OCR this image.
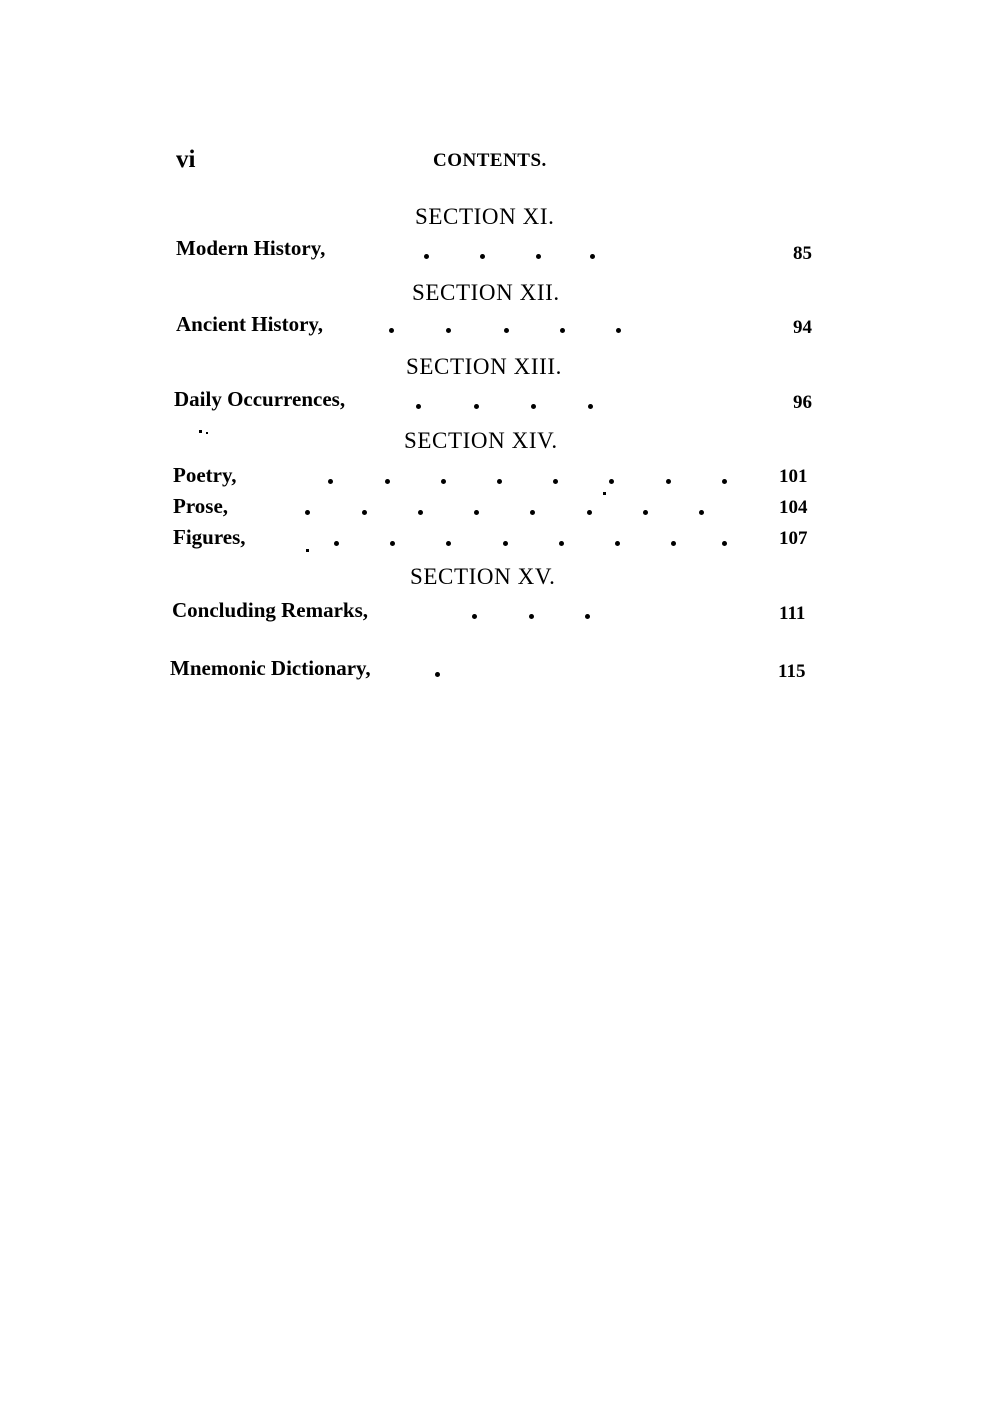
vi	CONTENTS.
SECTION XI.
Modern History,	85
SECTION XII.
Ancient History,	94
SECTION XIII.
Daily Occurrences,	96
SECTION XIV.
Poetry,	101
Prose,	104
Figures,	107
SECTION XV.
Concluding Remarks,	111
Mnemonic Dictionary,	115
